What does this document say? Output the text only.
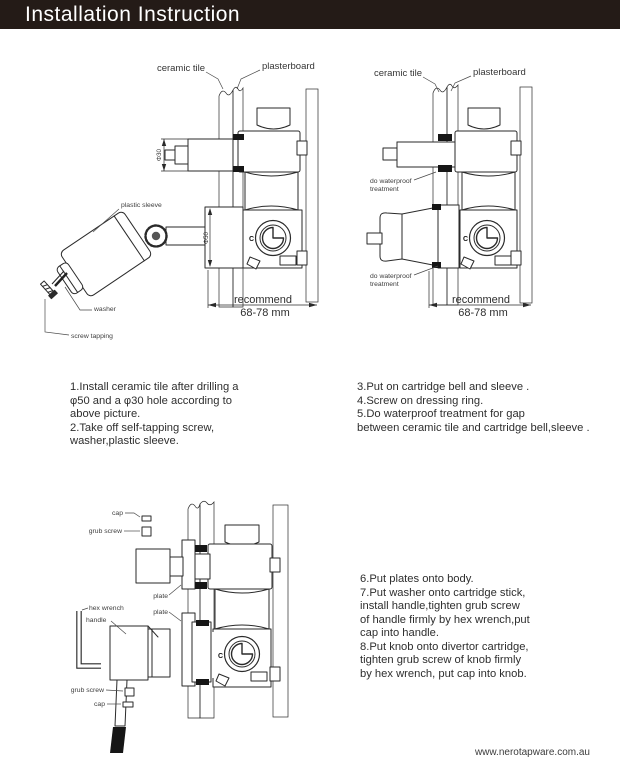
Installation Instruction
Φ30
Φ50	C
recommend
68-78 mm
ceramic tile	plasterboard
plastic sleeve
washer
screw tapping
C
ceramic tile	plasterboard
do waterproof
treatment
do waterproof
treatment
recommend
68-78 mm
C
cap
grub screw
plate
hex wrench
plate
handle
grub screw
cap
1.Install ceramic tile after drilling a
φ50 and a φ30 hole according to
above picture.
2.Take off self-tapping screw,
washer,plastic sleeve.
3.Put on cartridge bell and sleeve .
4.Screw on dressing ring.
5.Do waterproof treatment for gap
between ceramic tile and cartridge bell,sleeve .
6.Put plates onto body.
7.Put washer onto cartridge stick,
install handle,tighten grub screw
of handle firmly by hex wrench,put
cap into handle.
8.Put knob onto divertor cartridge,
tighten grub screw of knob firmly
by hex wrench, put cap into knob.
www.nerotapware.com.au
